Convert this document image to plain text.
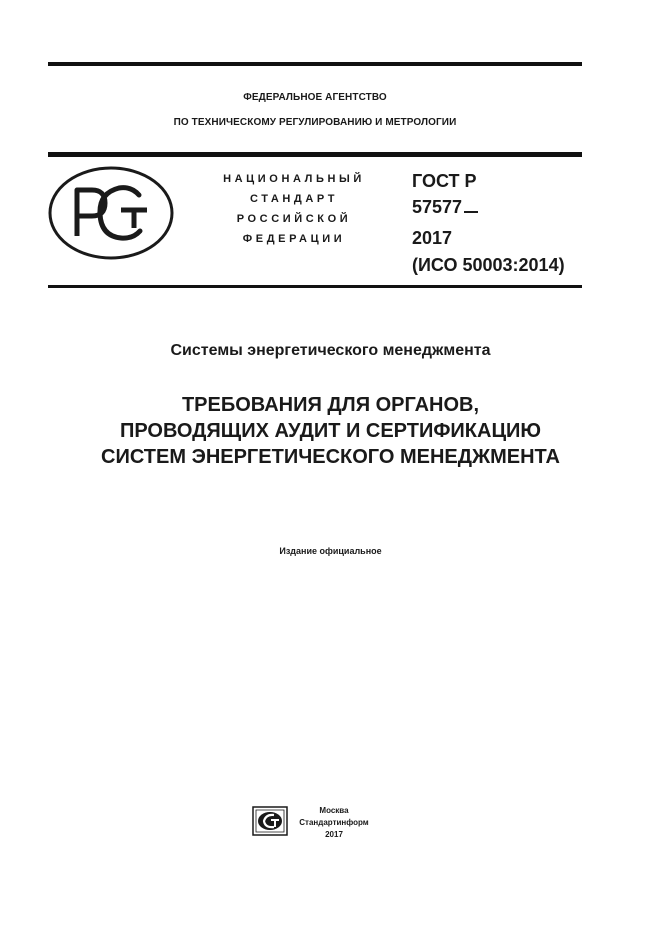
ФЕДЕРАЛЬНОЕ АГЕНТСТВО
ПО ТЕХНИЧЕСКОМУ РЕГУЛИРОВАНИЮ И МЕТРОЛОГИИ
НАЦИОНАЛЬНЫЙ
СТАНДАРТ
РОССИЙСКОЙ
ФЕДЕРАЦИИ
ГОСТ Р
57577
2017
(ИСО 50003:2014)
Системы энергетического менеджмента
ТРЕБОВАНИЯ ДЛЯ ОРГАНОВ,
ПРОВОДЯЩИХ АУДИТ И СЕРТИФИКАЦИЮ
СИСТЕМ ЭНЕРГЕТИЧЕСКОГО МЕНЕДЖМЕНТА
Издание официальное
Москва
Стандартинформ
2017
